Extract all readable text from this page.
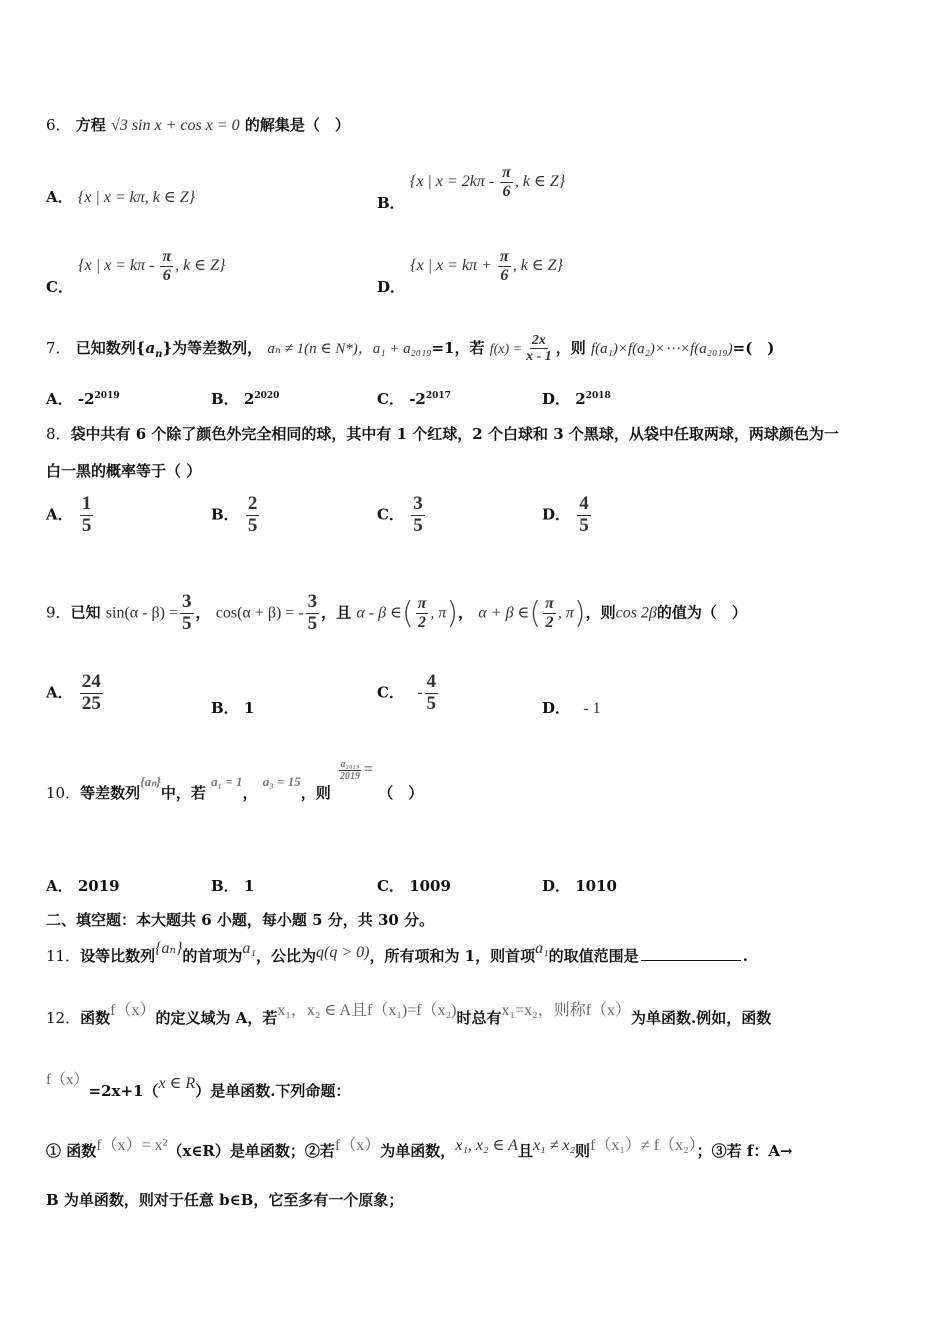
6． 方程 √3 sin x + cos x = 0 的解集是（　）
A． {x | x = kπ, k ∈ Z}	B． {x | $x = 2k\pi - \frac{\pi}{6}$ , k ∈ Z}
C． {x | $x = k\pi - \frac{\pi}{6}$ , k ∈ Z}
D． {x | $x = k\pi + \frac{\pi}{6}$ , k ∈ Z}
7． 已知数列$\{a_n\}$为等差数列， aₙ ≠ 1(n ∈ N*)，a₁ + a₂₀₁₉=1，若 $f(x) = \frac{2x}{x - 1}$ ，则 f(a₁)×f(a₂)×⋯×f(a₂₀₁₉)=(　)
A． $-2^{2019}$	B． $2^{2020}$	C． $-2^{2017}$	D． $2^{2018}$
8．袋中共有 6 个除了颜色外完全相同的球，其中有 1 个红球，2 个白球和 3 个黑球，从袋中任取两球，两球颜色为一
白一黑的概率等于（ ）
A． $\frac{1}{5}$	B． $\frac{2}{5}$	C． $\frac{3}{5}$	D． $\frac{4}{5}$
9．已知 $\sin(\alpha - \beta) = \frac{3}{5}$ ， cos(α + β) = - $\frac{3}{5}$ ，且 α - β ∈( $\frac{\pi}{2}$ , π)， α + β ∈( $\frac{\pi}{2}$ , π)，则cos 2β的值为（　）
A． $\frac{24}{25}$	B． 1
C． - $\frac{4}{5}$	D． - 1
10．等差数列{aₙ}中，若 a₁ = 1， a₃ = 15，则
$\frac{\text{a₂₀₁₉}}{2019}$ = （　）
A． 2019	B． 1	C． 1009	D． 1010
二、填空题：本大题共 6 小题，每小题 5 分，共 30 分。
11．设等比数列{aₙ}的首项为a₁，公比为q(q > 0)，所有项和为 1，则首项a₁的取值范围是	.
12．函数f（x）的定义域为 A，若x₁，x₂ ∈ A且f（x₁)=f（x₂)时总有x₁=x₂，则称f（x）为单函数.例如，函数
f（x）=2x+1（x ∈ R）是单函数.下列命题：
① 函数f（x）= x²（x∈R）是单函数；②若f（x）为单函数，x₁, x₂ ∈ A且x₁ ≠ x₂则f（x₁）≠ f（x₂）；③若 f：A→
B 为单函数，则对于任意 b∈B，它至多有一个原象；
